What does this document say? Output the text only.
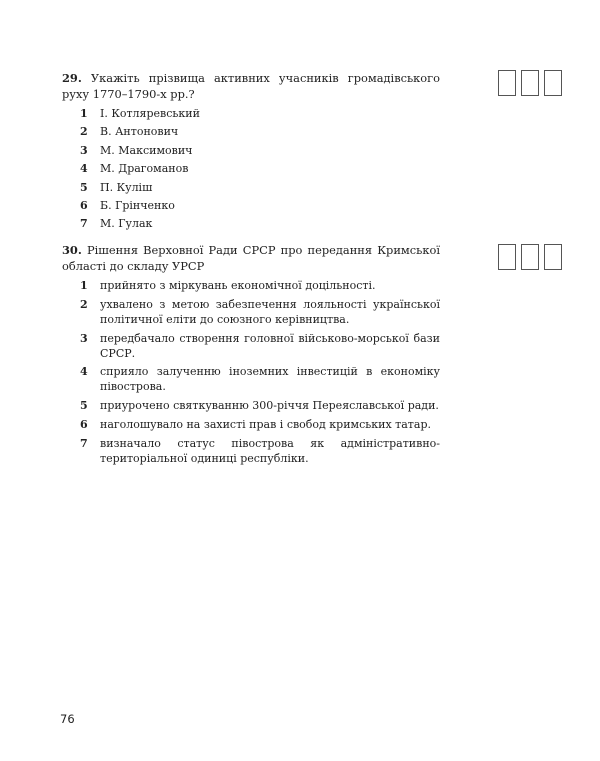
29. Укажіть прізвища активних учасників громадівського руху 1770–1790-х рр.?

1	І. Котляревський
2	В. Антонович
3	М. Максимович
4	М. Драгоманов
5	П. Куліш
6	Б. Грінченко
7	М. Гулак

30. Рішення Верховної Ради СРСР про передання Кримської області до складу УРСР

1	прийнято з міркувань економічної доцільності.
2	ухвалено з метою забезпечення лояльності української політичної еліти до союзного керівництва.
3	передбачало створення головної військово-морської бази СРСР.
4	сприяло залученню іноземних інвестицій в економіку півострова.
5	приурочено святкуванню 300-річчя Переяславської ради.
6	наголошувало на захисті прав і свобод кримських татар.
7	визначало статус півострова як адміністративно-територіальної одиниці республіки.
76
